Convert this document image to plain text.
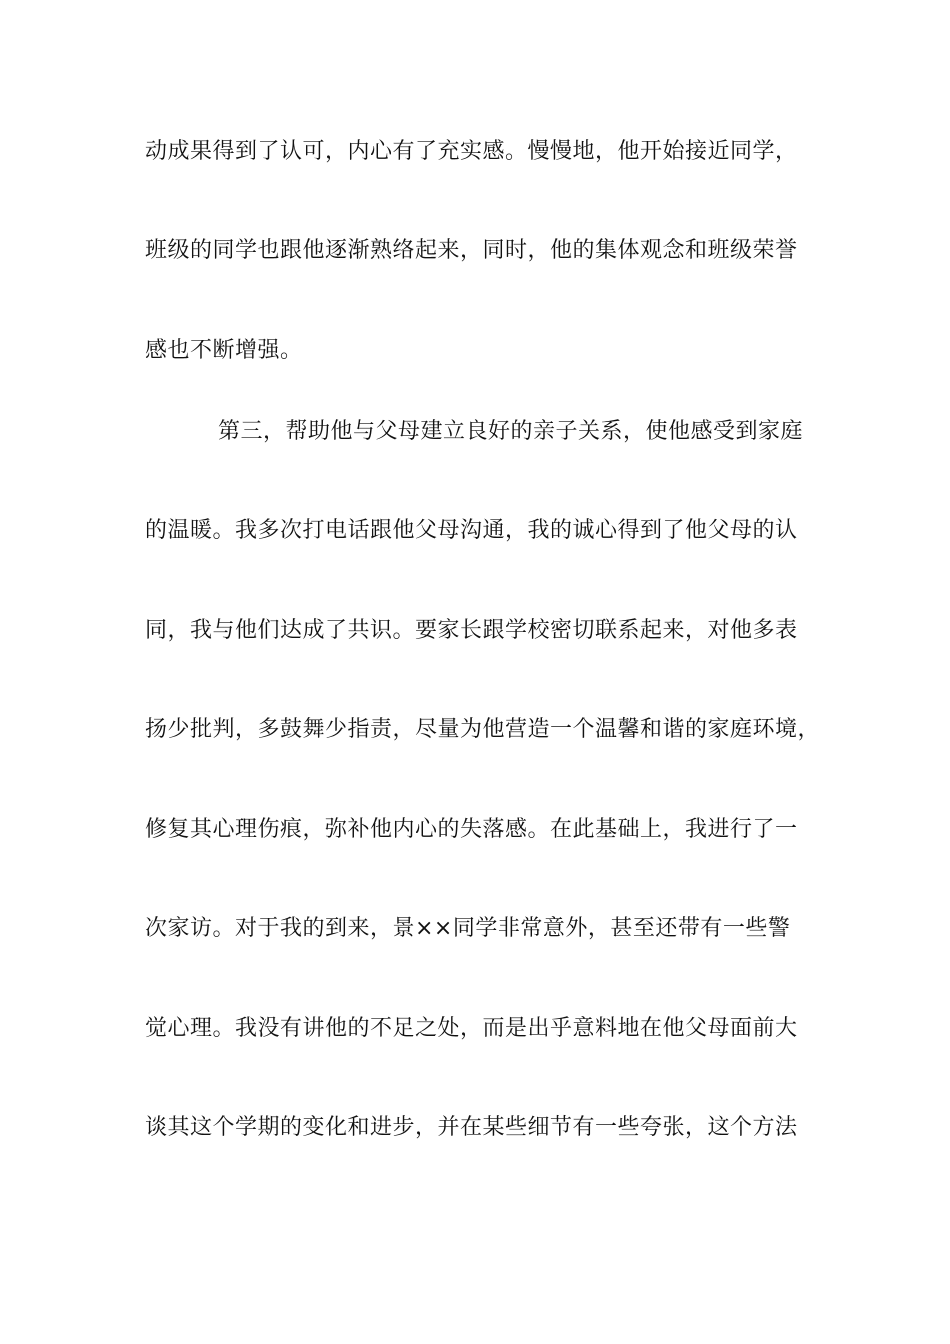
动成果得到了认可，内心有了充实感。慢慢地，他开始接近同学，
班级的同学也跟他逐渐熟络起来，同时，他的集体观念和班级荣誉
感也不断增强。
第三，帮助他与父母建立良好的亲子关系，使他感受到家庭
的温暖。我多次打电话跟他父母沟通，我的诚心得到了他父母的认
同，我与他们达成了共识。要家长跟学校密切联系起来，对他多表
扬少批判，多鼓舞少指责，尽量为他营造一个温馨和谐的家庭环境，
修复其心理伤痕，弥补他内心的失落感。在此基础上，我进行了一
次家访。对于我的到来，景××同学非常意外，甚至还带有一些警
觉心理。我没有讲他的不足之处，而是出乎意料地在他父母面前大
谈其这个学期的变化和进步，并在某些细节有一些夸张，这个方法
